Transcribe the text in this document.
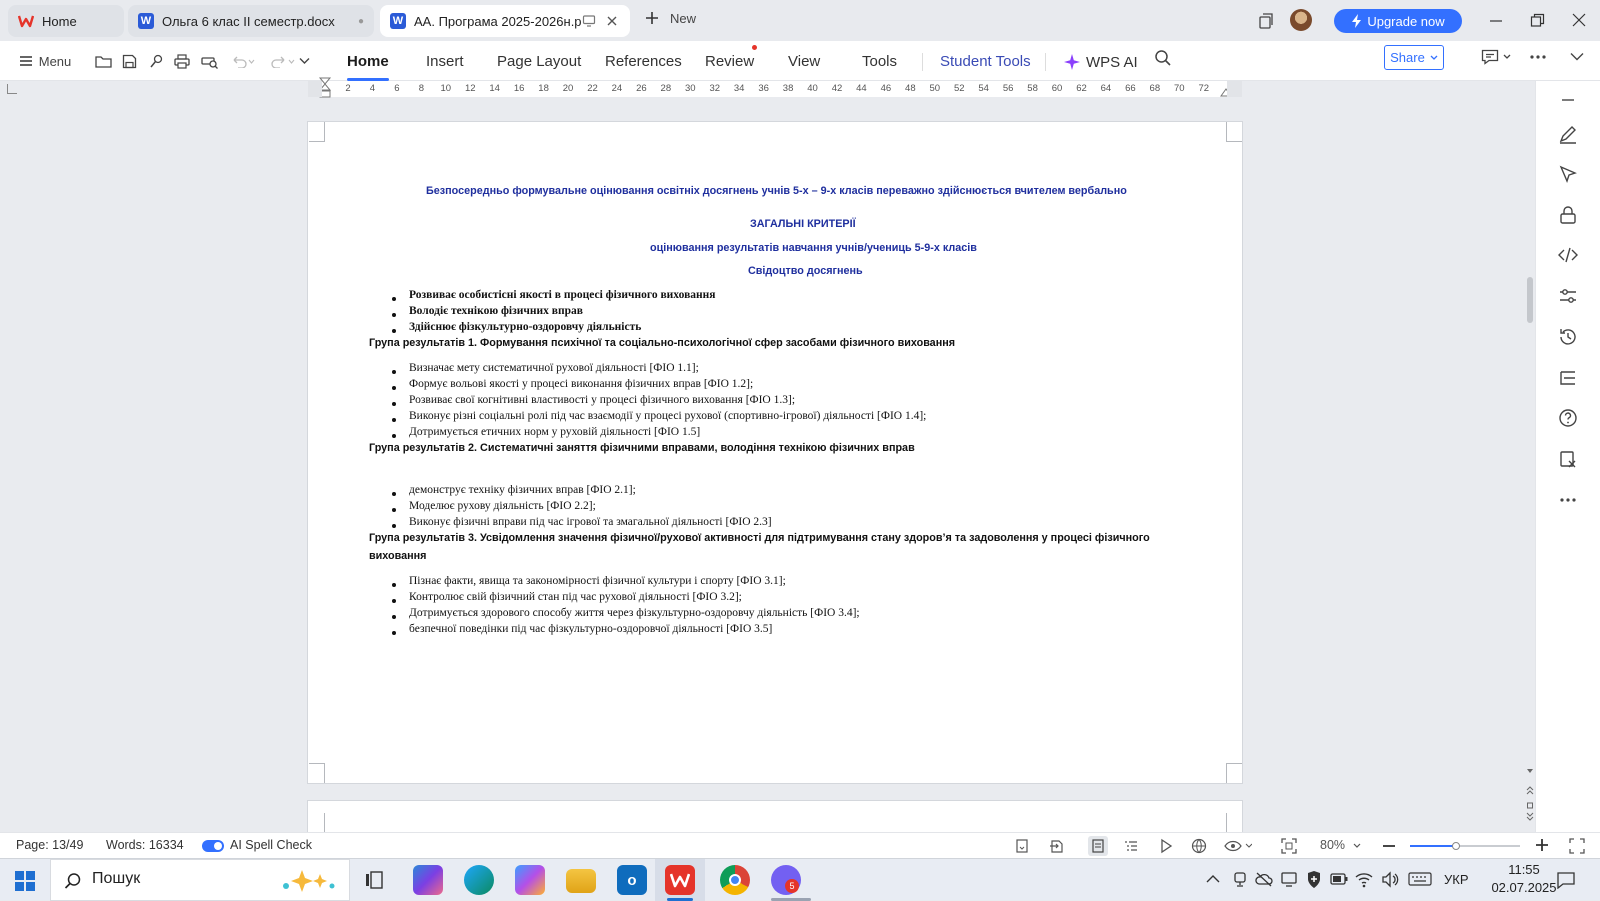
Home	W Ольга 6 клас II семестр.docx ●	W АА. Програма 2025-2026н.р	New	Upgrade now
Menu	Home Insert Page Layout References Review View	Tools	Student Tools	WPS AI	Share
2 4 6 8 10 12 14 16 18 20 22 24 26 28 30 32 34 36 38 40 42 44 46 48 50 52 54 56 58 60 62 64 66 68 70 72
Безпосередньо формувальне оцінювання освітніх досягнень учнів 5-х – 9-х класів переважно здійснюється вчителем вербально
ЗАГАЛЬНІ КРИТЕРІЇ
оцінювання результатів навчання учнів/учениць 5-9-х класів
Свідоцтво досягнень
Розвиває особистісні якості в процесі фізичного виховання
Володіє технікою фізичних вправ
Здійснює фізкультурно-оздоровчу діяльність
Група результатів 1. Формування психічної та соціально-психологічної сфер засобами фізичного виховання
Визначає мету систематичної рухової діяльності [ФІО 1.1];
Формує вольові якості у процесі виконання фізичних вправ [ФІО 1.2];
Розвиває свої когнітивні властивості у процесі фізичного виховання [ФІО 1.3];
Виконує різні соціальні ролі під час взаємодії у процесі рухової (спортивно-ігрової) діяльності [ФІО 1.4];
Дотримується етичних норм у руховій діяльності [ФІО 1.5]
Група результатів 2. Систематичні заняття фізичними вправами, володіння технікою фізичних вправ
демонструє техніку фізичних вправ [ФІО 2.1];
Моделює рухову діяльність [ФІО 2.2];
Виконує фізичні вправи під час ігрової та змагальної діяльності [ФІО 2.3]
Група результатів 3. Усвідомлення значення фізичної/рухової активності для підтримування стану здоров’я та задоволення у процесі фізичного
виховання
Пізнає факти, явища та закономірності фізичної культури і спорту [ФІО 3.1];
Контролює свій фізичний стан під час рухової діяльності [ФІО 3.2];
Дотримується здорового способу життя через фізкультурно-оздоровчу діяльність [ФІО 3.4];
безпечної поведінки під час фізкультурно-оздоровчої діяльності [ФІО 3.5]
Page: 13/49 Words: 16334	AI Spell Check	80%
Пошук	o	5	УКР
11:55
02.07.2025
